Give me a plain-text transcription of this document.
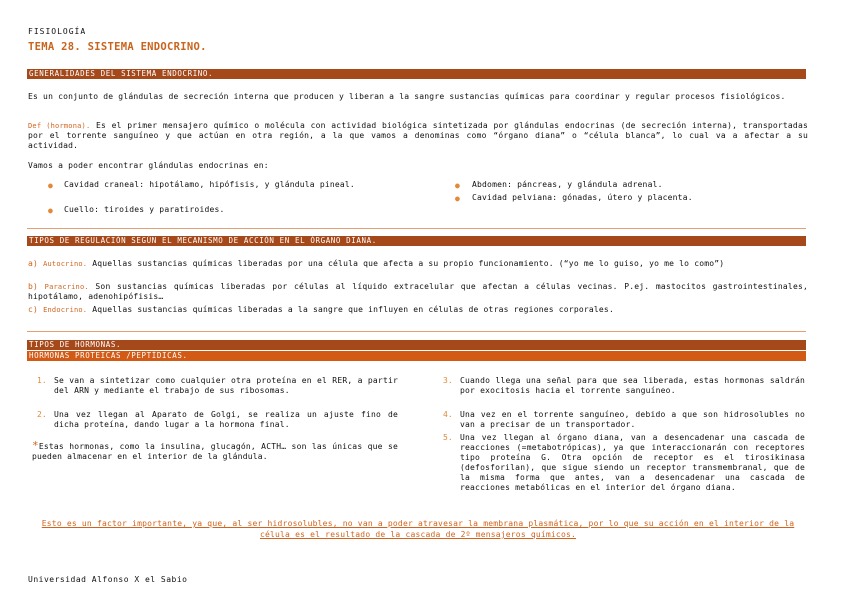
FISIOLOGÍA
TEMA 28. SISTEMA ENDOCRINO.
GENERALIDADES DEL SISTEMA ENDOCRINO.
Es un conjunto de glándulas de secreción interna que producen y liberan a la sangre sustancias químicas para coordinar y regular procesos fisiológicos.
Def (hormona). Es el primer mensajero químico o molécula con actividad biológica sintetizada por glándulas endocrinas (de secreción interna), transportadas por el torrente sanguíneo y que actúan en otra región, a la que vamos a denominas como “órgano diana” o “célula blanca”, lo cual va a afectar a su actividad.
Vamos a poder encontrar glándulas endocrinas en:
● Cavidad craneal: hipotálamo, hipófisis, y glándula pineal.
● Cuello: tiroides y paratiroides.
● Abdomen: páncreas, y glándula adrenal.
● Cavidad pelviana: gónadas, útero y placenta.
TIPOS DE REGULACIÓN SEGÚN EL MECANISMO DE ACCIÓN EN EL ÓRGANO DIANA.
a) Autocrino. Aquellas sustancias químicas liberadas por una célula que afecta a su propio funcionamiento. (“yo me lo guiso, yo me lo como”)
b) Paracrino. Son sustancias químicas liberadas por células al líquido extracelular que afectan a células vecinas. P.ej. mastocitos gastrointestinales, hipotálamo, adenohipófisis…
c) Endocrino. Aquellas sustancias químicas liberadas a la sangre que influyen en células de otras regiones corporales.
TIPOS DE HORMONAS.
HORMONAS PROTEICAS /PEPTÍDICAS.
1. Se van a sintetizar como cualquier otra proteína en el RER, a partir del ARN y mediante el trabajo de sus ribosomas.
2. Una vez llegan al Aparato de Golgi, se realiza un ajuste fino de dicha proteína, dando lugar a la hormona final.
*Estas hormonas, como la insulina, glucagón, ACTH… son las únicas que se pueden almacenar en el interior de la glándula.
3. Cuando llega una señal para que sea liberada, estas hormonas saldrán por exocitosis hacia el torrente sanguíneo.
4. Una vez en el torrente sanguíneo, debido a que son hidrosolubles no van a precisar de un transportador.
5. Una vez llegan al órgano diana, van a desencadenar una cascada de reacciones (=metabotrópicas), ya que interaccionarán con receptores tipo proteína G. Otra opción de receptor es el tirosikinasa (defosforilan), que sigue siendo un receptor transmembranal, que de la misma forma que antes, van a desencadenar una cascada de reacciones metabólicas en el interior del órgano diana.
Esto es un factor importante, ya que, al ser hidrosolubles, no van a poder atravesar la membrana plasmática, por lo que su acción en el interior de la célula es el resultado de la cascada de 2º mensajeros químicos.
Universidad Alfonso X el Sabio
